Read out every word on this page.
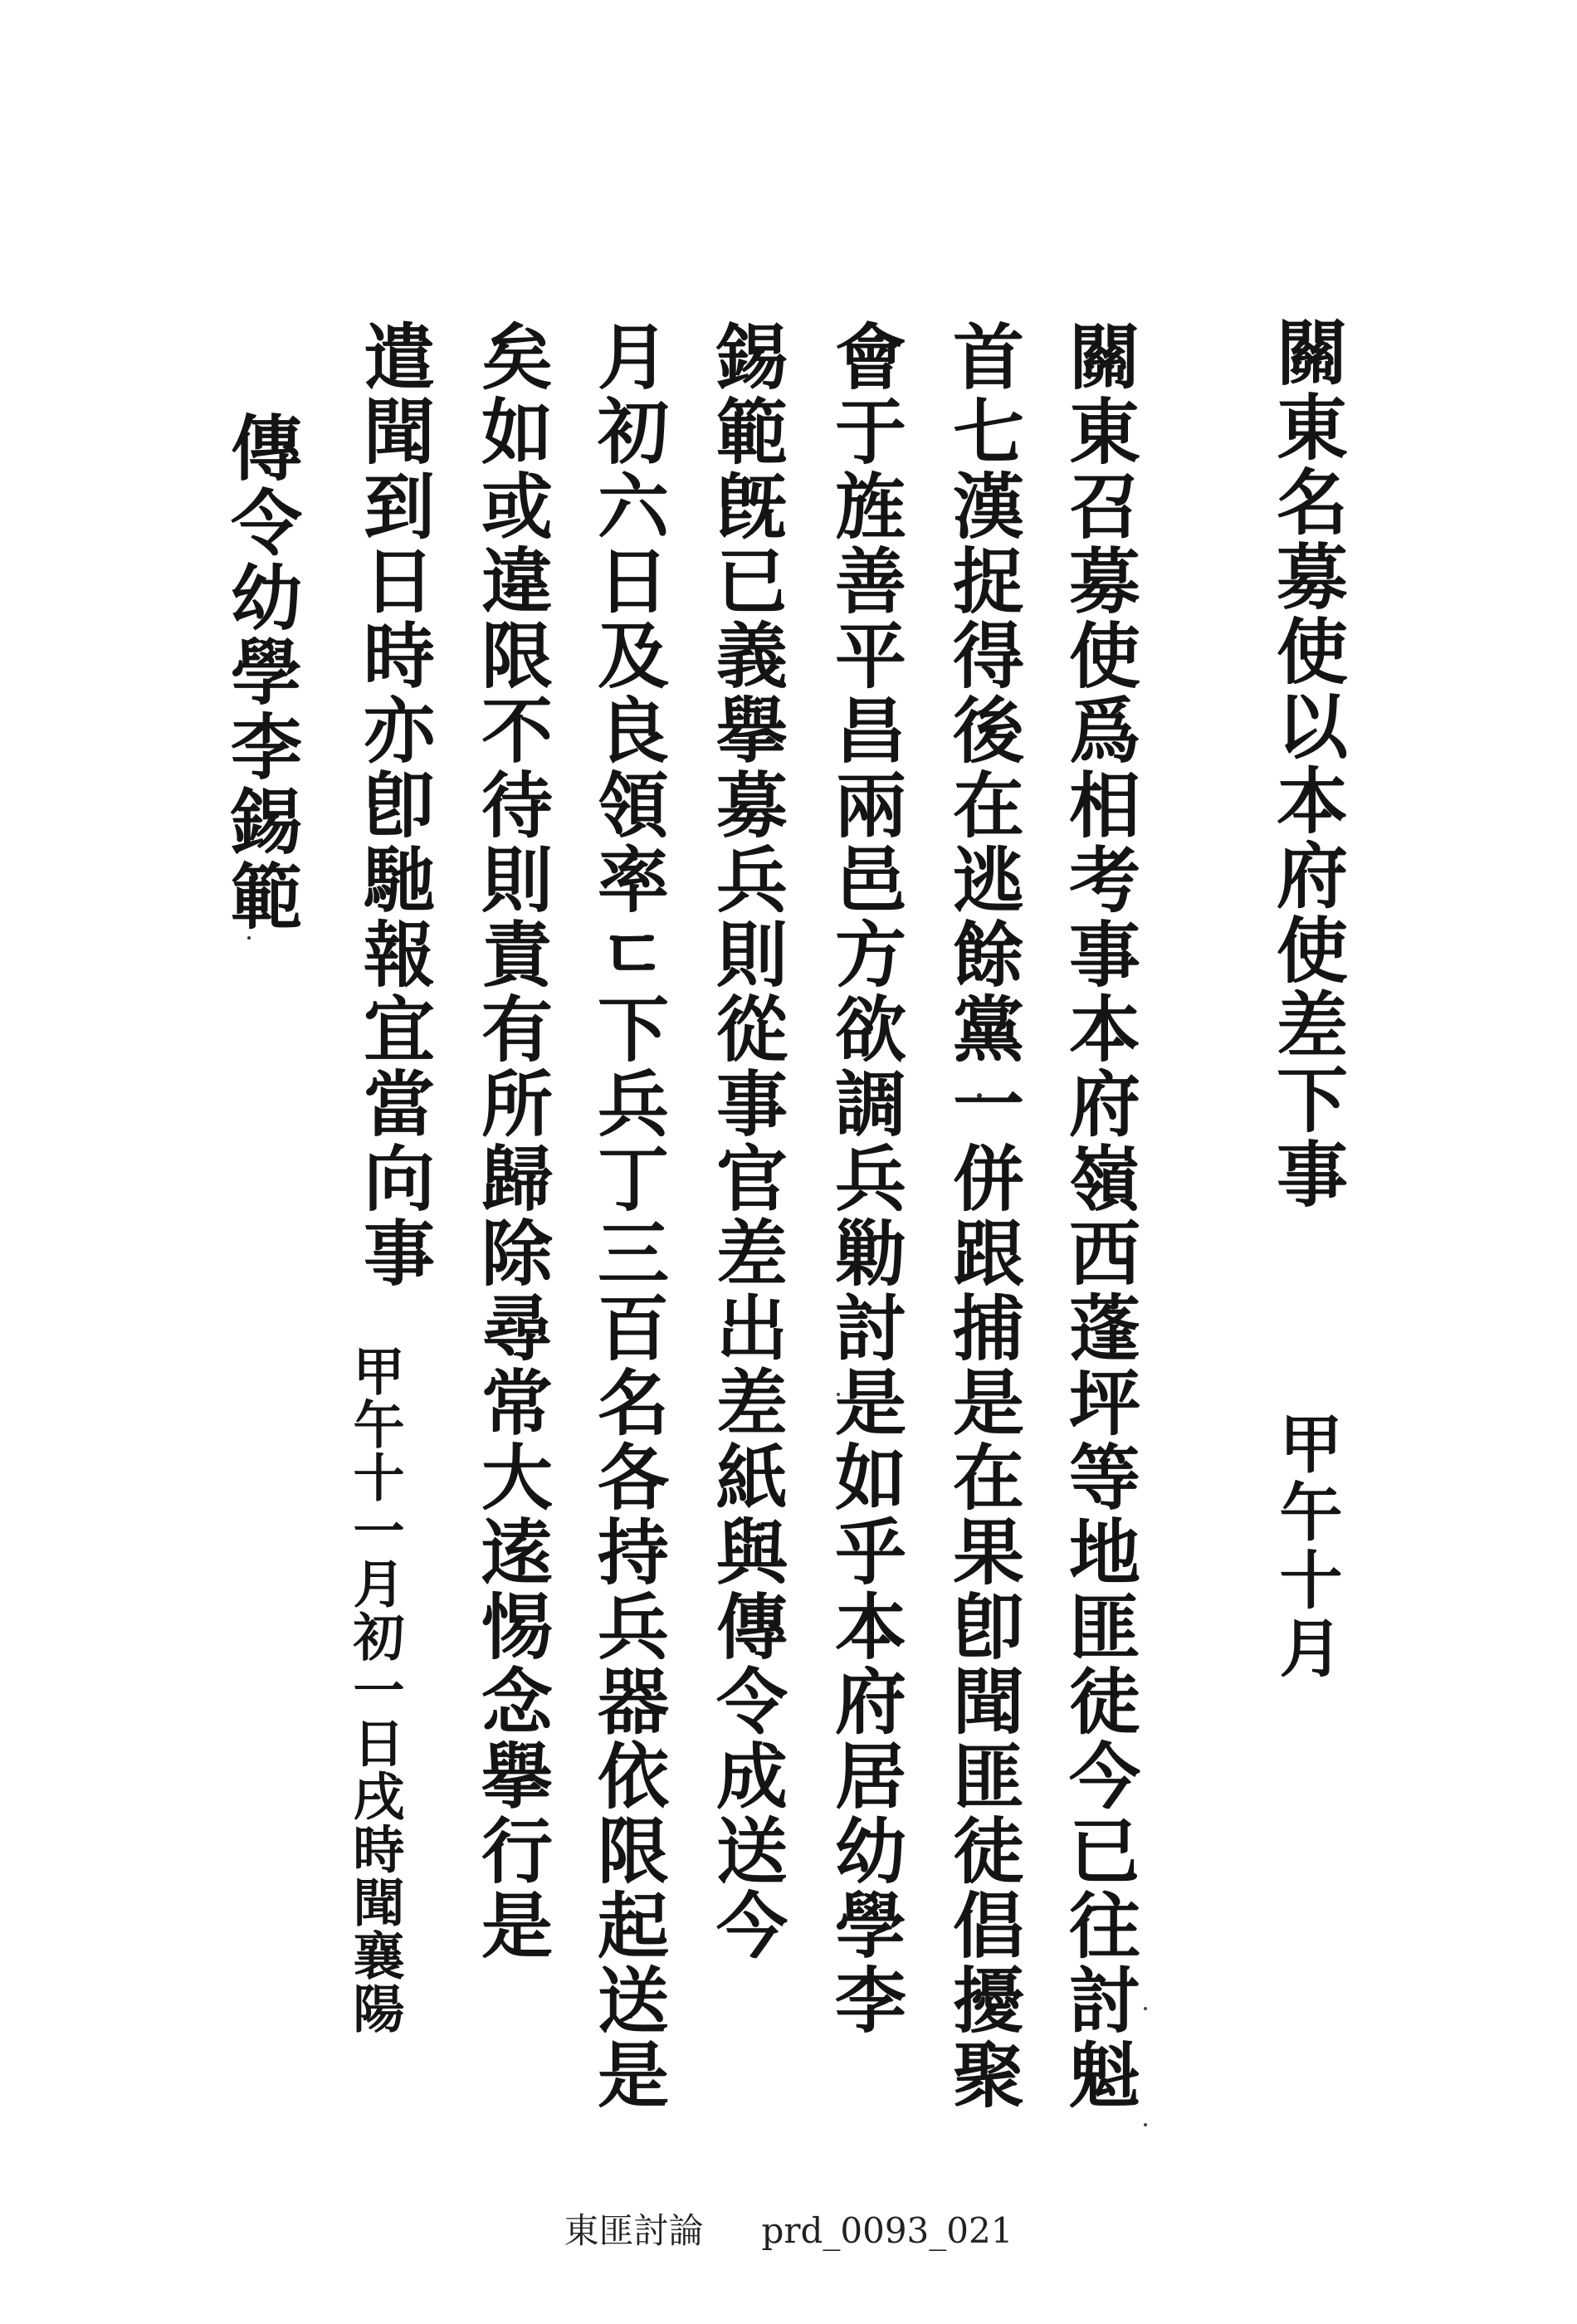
關東名募使以本府使差下事
甲午十月
關東召募使爲相考事本府嶺西蓬坪等地匪徒今已往討魁
首七漢捉得後在逃餘黨一併跟捕是在果卽聞匪徒倡擾聚
會于旌善平昌兩邑方欲調兵勦討是如乎本府居幼學李
錫範旣已義擧募兵則從事官差出差紙與傳令成送今
月初六日及良領率ㄷ下兵丁三百名各持兵器依限起送是
矣如或違限不待則責有所歸除尋常大逺惕念擧行是
遣聞到日時亦卽馳報宜當向事
甲午十一月初一日戌時聞襄陽
傳令幼學李錫範
東匪討論 prd_0093_021
